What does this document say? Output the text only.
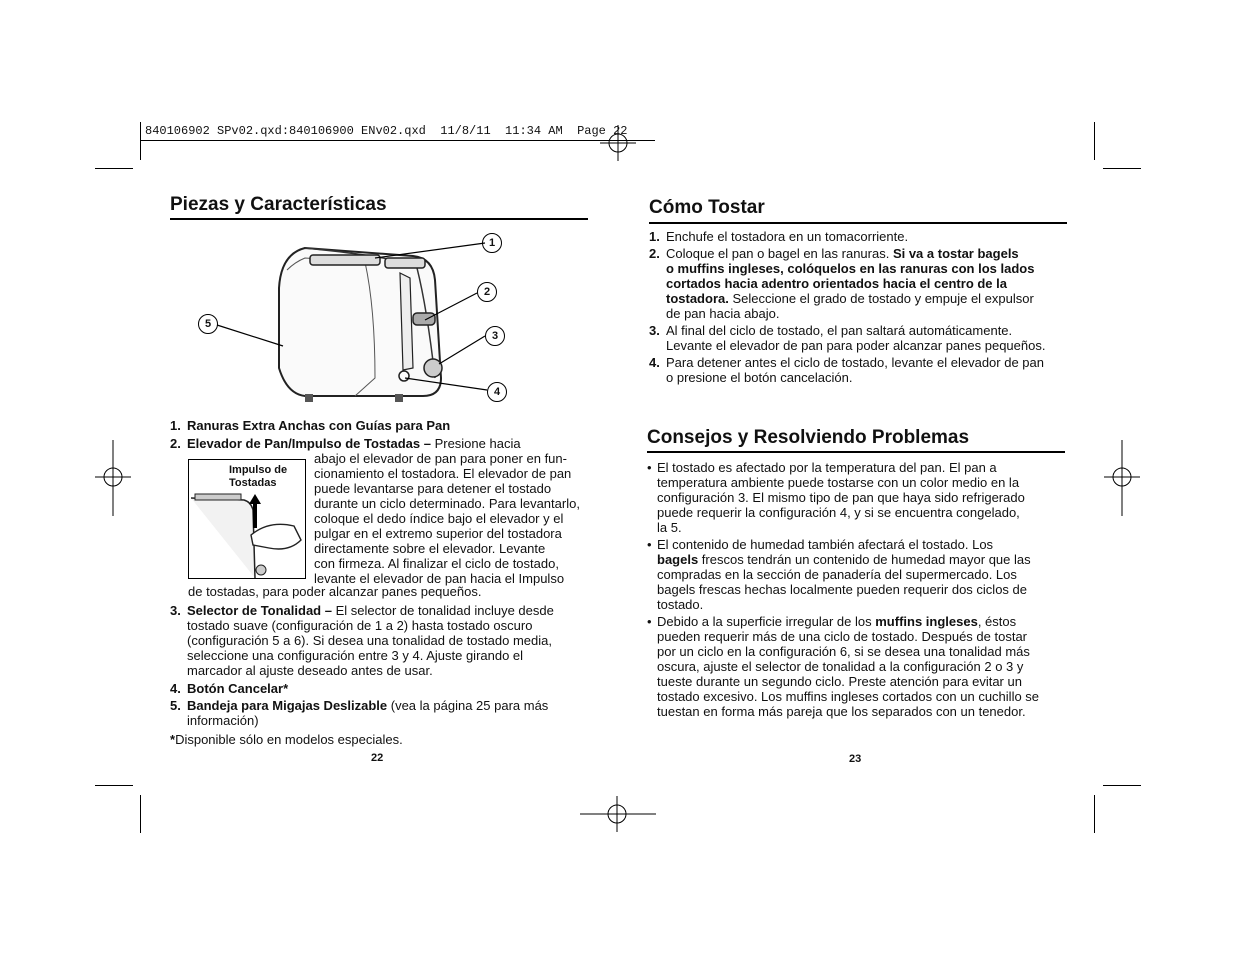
840106902 SPv02.qxd:840106900 ENv02.qxd  11/8/11  11:34 AM  Page 22
Piezas y Características
1
2
3
4
5
1. Ranuras Extra Anchas con Guías para Pan
2. Elevador de Pan/Impulso de Tostadas – Presione hacia
Impulso de
Tostadas
abajo el elevador de pan para poner en fun-
cionamiento el tostadora. El elevador de pan
puede levantarse para detener el tostado
durante un ciclo determinado. Para levantarlo,
coloque el dedo índice bajo el elevador y el
pulgar en el extremo superior del tostadora
directamente sobre el elevador. Levante
con firmeza. Al finalizar el ciclo de tostado,
levante el elevador de pan hacia el Impulso
de tostadas, para poder alcanzar panes pequeños.
3. Selector de Tonalidad – El selector de tonalidad incluye desde
tostado suave (configuración de 1 a 2) hasta tostado oscuro
(configuración 5 a 6). Si desea una tonalidad de tostado media,
seleccione una configuración entre 3 y 4. Ajuste girando el
marcador al ajuste deseado antes de usar.
4. Botón Cancelar*
5. Bandeja para Migajas Deslizable (vea la página 25 para más
información)
*Disponible sólo en modelos especiales.
22
Cómo Tostar
1. Enchufe el tostadora en un tomacorriente.
2. Coloque el pan o bagel en las ranuras. Si va a tostar bagels
o muffins ingleses, colóquelos en las ranuras con los lados
cortados hacia adentro orientados hacia el centro de la
tostadora. Seleccione el grado de tostado y empuje el expulsor
de pan hacia abajo.
3. Al final del ciclo de tostado, el pan saltará automáticamente.
Levante el elevador de pan para poder alcanzar panes pequeños.
4. Para detener antes el ciclo de tostado, levante el elevador de pan
o presione el botón cancelación.
Consejos y Resolviendo Problemas
• El tostado es afectado por la temperatura del pan. El pan a
temperatura ambiente puede tostarse con un color medio en la
configuración 3. El mismo tipo de pan que haya sido refrigerado
puede requerir la configuración 4, y si se encuentra congelado,
la 5.
• El contenido de humedad también afectará el tostado. Los
bagels frescos tendrán un contenido de humedad mayor que las
compradas en la sección de panadería del supermercado. Los
bagels frescas hechas localmente pueden requerir dos ciclos de
tostado.
• Debido a la superficie irregular de los muffins ingleses, éstos
pueden requerir más de una ciclo de tostado. Después de tostar
por un ciclo en la configuración 6, si se desea una tonalidad más
oscura, ajuste el selector de tonalidad a la configuración 2 o 3 y
tueste durante un segundo ciclo. Preste atención para evitar un
tostado excesivo. Los muffins ingleses cortados con un cuchillo se
tuestan en forma más pareja que los separados con un tenedor.
23
